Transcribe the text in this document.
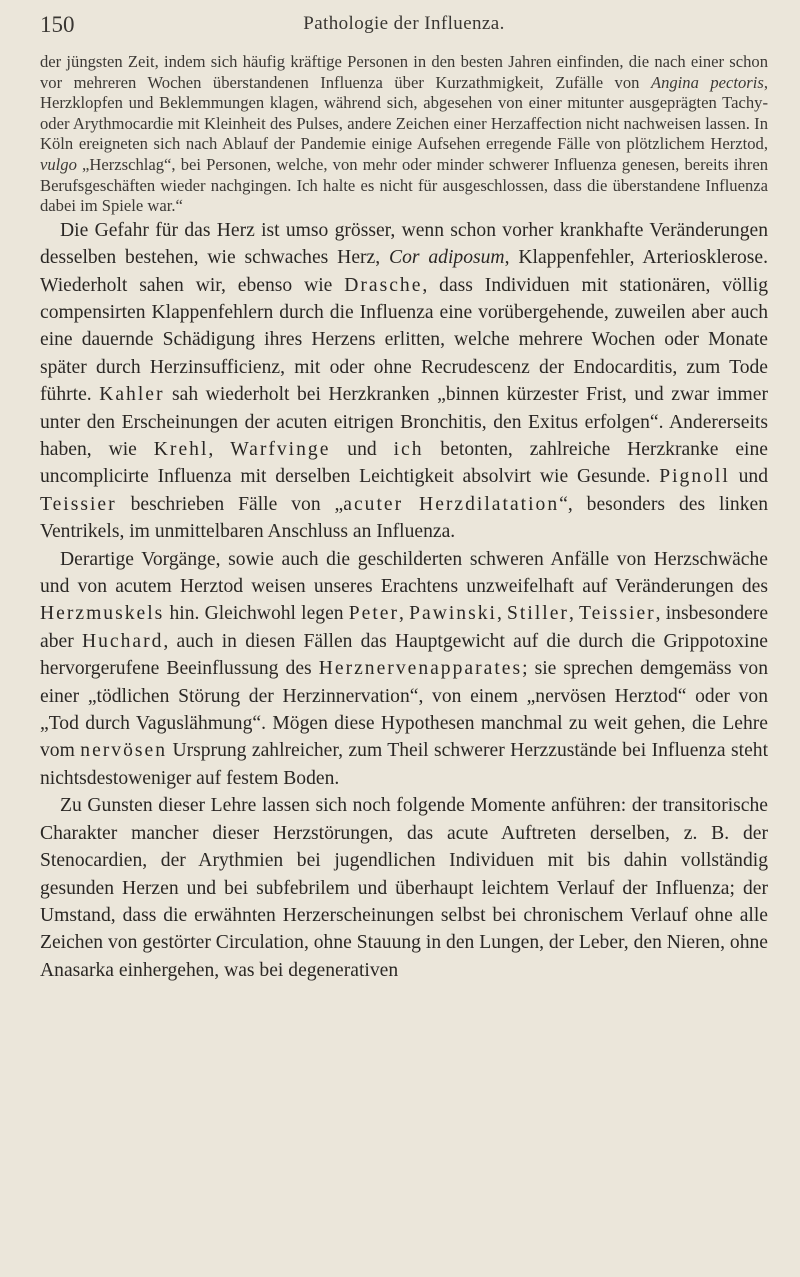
150	Pathologie der Influenza.

der jüngsten Zeit, indem sich häufig kräftige Personen in den besten Jahren einfinden, die nach einer schon vor mehreren Wochen überstandenen Influenza über Kurzathmigkeit, Zufälle von Angina pectoris, Herzklopfen und Beklemmungen klagen, während sich, abgesehen von einer mitunter ausgeprägten Tachy- oder Arythmocardie mit Kleinheit des Pulses, andere Zeichen einer Herzaffection nicht nachweisen lassen. In Köln ereigneten sich nach Ablauf der Pandemie einige Aufsehen erregende Fälle von plötzlichem Herztod, vulgo „Herzschlag“, bei Personen, welche, von mehr oder minder schwerer Influenza genesen, bereits ihren Berufsgeschäften wieder nachgingen. Ich halte es nicht für ausgeschlossen, dass die überstandene Influenza dabei im Spiele war.“

Die Gefahr für das Herz ist umso grösser, wenn schon vorher krankhafte Veränderungen desselben bestehen, wie schwaches Herz, Cor adiposum, Klappenfehler, Arteriosklerose. Wiederholt sahen wir, ebenso wie Drasche, dass Individuen mit stationären, völlig compensirten Klappenfehlern durch die Influenza eine vorübergehende, zuweilen aber auch eine dauernde Schädigung ihres Herzens erlitten, welche mehrere Wochen oder Monate später durch Herzinsufficienz, mit oder ohne Recrudescenz der Endocarditis, zum Tode führte. Kahler sah wiederholt bei Herzkranken „binnen kürzester Frist, und zwar immer unter den Erscheinungen der acuten eitrigen Bronchitis, den Exitus erfolgen“. Andererseits haben, wie Krehl, Warfvinge und ich betonten, zahlreiche Herzkranke eine uncomplicirte Influenza mit derselben Leichtigkeit absolvirt wie Gesunde. Pignoll und Teissier beschrieben Fälle von „acuter Herzdilatation“, besonders des linken Ventrikels, im unmittelbaren Anschluss an Influenza.

Derartige Vorgänge, sowie auch die geschilderten schweren Anfälle von Herzschwäche und von acutem Herztod weisen unseres Erachtens unzweifelhaft auf Veränderungen des Herzmuskels hin. Gleichwohl legen Peter, Pawinski, Stiller, Teissier, insbesondere aber Huchard, auch in diesen Fällen das Hauptgewicht auf die durch die Grippotoxine hervorgerufene Beeinflussung des Herznervenapparates; sie sprechen demgemäss von einer „tödlichen Störung der Herzinnervation“, von einem „nervösen Herztod“ oder von „Tod durch Vaguslähmung“. Mögen diese Hypothesen manchmal zu weit gehen, die Lehre vom nervösen Ursprung zahlreicher, zum Theil schwerer Herzzustände bei Influenza steht nichtsdestoweniger auf festem Boden.

Zu Gunsten dieser Lehre lassen sich noch folgende Momente anführen: der transitorische Charakter mancher dieser Herzstörungen, das acute Auftreten derselben, z. B. der Stenocardien, der Arythmien bei jugendlichen Individuen mit bis dahin vollständig gesunden Herzen und bei subfebrilem und überhaupt leichtem Verlauf der Influenza; der Umstand, dass die erwähnten Herzerscheinungen selbst bei chronischem Verlauf ohne alle Zeichen von gestörter Circulation, ohne Stauung in den Lungen, der Leber, den Nieren, ohne Anasarka einhergehen, was bei degenerativen
